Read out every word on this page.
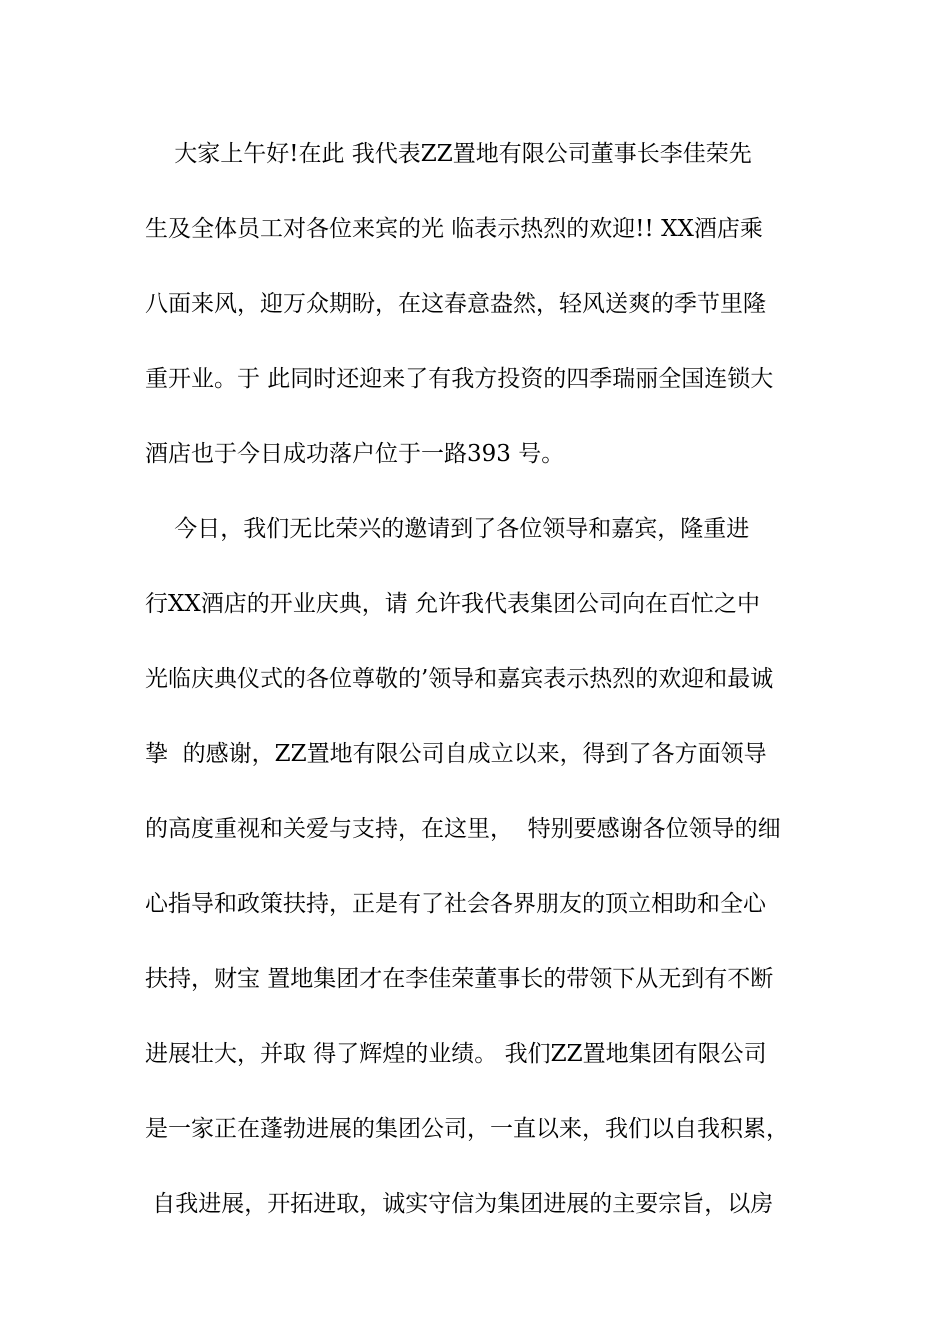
大家上午好!在此 我代表ZZ置地有限公司董事长李佳荣先
生及全体员工对各位来宾的光 临表示热烈的欢迎!! XX酒店乘
八面来风，迎万众期盼，在这春意盎然，轻风送爽的季节里隆
重开业。于 此同时还迎来了有我方投资的四季瑞丽全国连锁大
酒店也于今日成功落户位于一路393 号。
今日，我们无比荣兴的邀请到了各位领导和嘉宾，隆重进
行XX酒店的开业庆典，请 允许我代表集团公司向在百忙之中
光临庆典仪式的各位尊敬的’领导和嘉宾表示热烈的欢迎和最诚
挚  的感谢，ZZ置地有限公司自成立以来，得到了各方面领导
的高度重视和关爱与支持，在这里，  特别要感谢各位领导的细
心指导和政策扶持，正是有了社会各界朋友的顶立相助和全心
扶持，财宝 置地集团才在李佳荣董事长的带领下从无到有不断
进展壮大，并取 得了辉煌的业绩。 我们ZZ置地集团有限公司
是一家正在蓬勃进展的集团公司，一直以来，我们以自我积累，
自我进展，开拓进取，诚实守信为集团进展的主要宗旨，以房
